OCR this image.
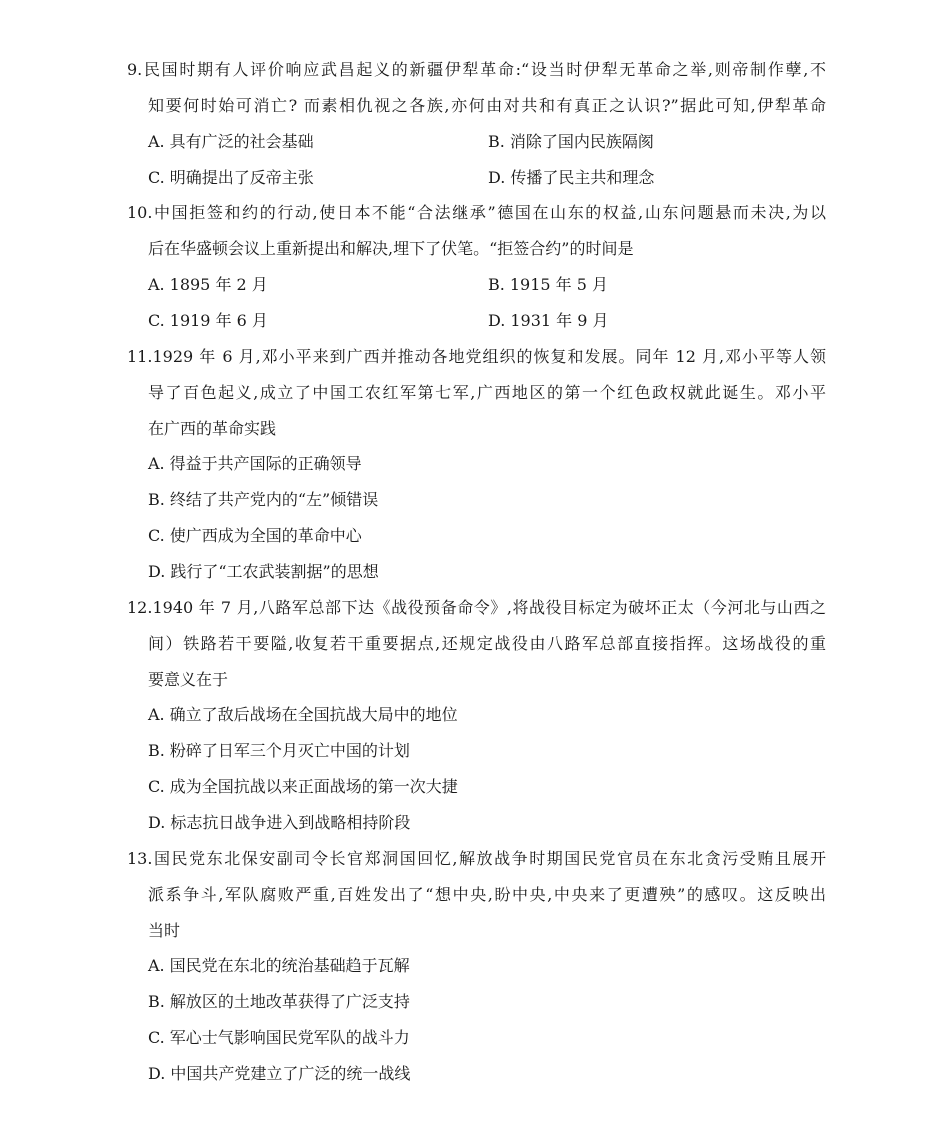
9.民国时期有人评价响应武昌起义的新疆伊犁革命:“设当时伊犁无革命之举,则帝制作孽,不
知要何时始可消亡? 而素相仇视之各族,亦何由对共和有真正之认识?”据此可知,伊犁革命
A. 具有广泛的社会基础	B. 消除了国内民族隔阂
C. 明确提出了反帝主张	D. 传播了民主共和理念
10.中国拒签和约的行动,使日本不能“合法继承”德国在山东的权益,山东问题悬而未决,为以
后在华盛顿会议上重新提出和解决,埋下了伏笔。“拒签合约”的时间是
A. 1895 年 2 月	B. 1915 年 5 月
C. 1919 年 6 月	D. 1931 年 9 月
11.1929 年 6 月,邓小平来到广西并推动各地党组织的恢复和发展。同年 12 月,邓小平等人领
导了百色起义,成立了中国工农红军第七军,广西地区的第一个红色政权就此诞生。邓小平
在广西的革命实践
A. 得益于共产国际的正确领导
B. 终结了共产党内的“左”倾错误
C. 使广西成为全国的革命中心
D. 践行了“工农武装割据”的思想
12.1940 年 7 月,八路军总部下达《战役预备命令》,将战役目标定为破坏正太（今河北与山西之
间）铁路若干要隘,收复若干重要据点,还规定战役由八路军总部直接指挥。这场战役的重
要意义在于
A. 确立了敌后战场在全国抗战大局中的地位
B. 粉碎了日军三个月灭亡中国的计划
C. 成为全国抗战以来正面战场的第一次大捷
D. 标志抗日战争进入到战略相持阶段
13.国民党东北保安副司令长官郑洞国回忆,解放战争时期国民党官员在东北贪污受贿且展开
派系争斗,军队腐败严重,百姓发出了“想中央,盼中央,中央来了更遭殃”的感叹。这反映出
当时
A. 国民党在东北的统治基础趋于瓦解
B. 解放区的土地改革获得了广泛支持
C. 军心士气影响国民党军队的战斗力
D. 中国共产党建立了广泛的统一战线
